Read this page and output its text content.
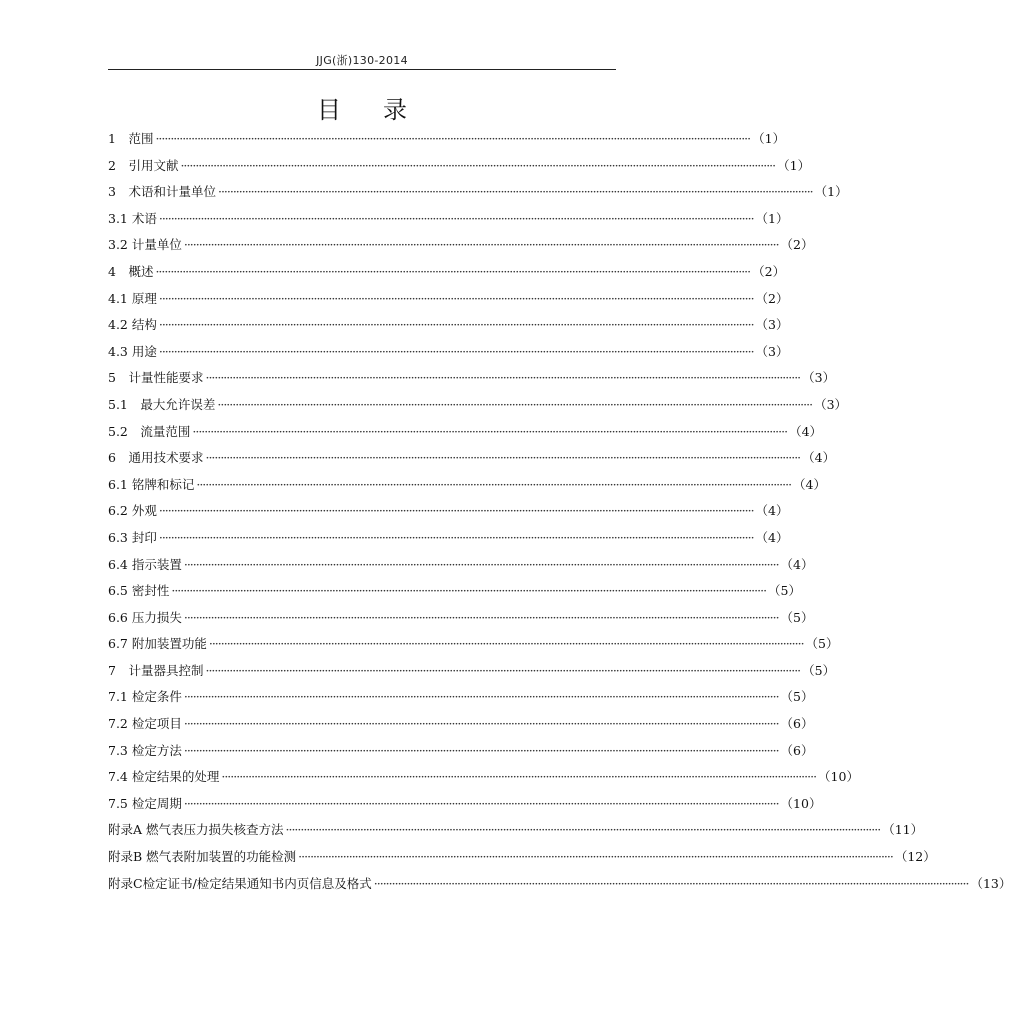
JJG(浙)130-2014
目录
1　范围 ········································································································································································································ （1）
2　引用文献 ········································································································································································································ （1）
3　术语和计量单位 ········································································································································································································ （1）
3.1 术语 ········································································································································································································ （1）
3.2 计量单位 ········································································································································································································ （2）
4　概述 ········································································································································································································ （2）
4.1 原理 ········································································································································································································ （2）
4.2 结构 ········································································································································································································ （3）
4.3 用途 ········································································································································································································ （3）
5　计量性能要求 ········································································································································································································ （3）
5.1　最大允许误差 ········································································································································································································ （3）
5.2　流量范围 ········································································································································································································ （4）
6　通用技术要求 ········································································································································································································ （4）
6.1 铭牌和标记 ········································································································································································································ （4）
6.2 外观 ········································································································································································································ （4）
6.3 封印 ········································································································································································································ （4）
6.4 指示装置 ········································································································································································································ （4）
6.5 密封性 ········································································································································································································ （5）
6.6 压力损失 ········································································································································································································ （5）
6.7 附加装置功能 ········································································································································································································ （5）
7　计量器具控制 ········································································································································································································ （5）
7.1 检定条件 ········································································································································································································ （5）
7.2 检定项目 ········································································································································································································ （6）
7.3 检定方法 ········································································································································································································ （6）
7.4 检定结果的处理 ········································································································································································································ （10）
7.5 检定周期 ········································································································································································································ （10）
附录A 燃气表压力损失核查方法 ········································································································································································································ （11）
附录B 燃气表附加装置的功能检测 ········································································································································································································ （12）
附录C检定证书/检定结果通知书内页信息及格式 ········································································································································································································ （13）
